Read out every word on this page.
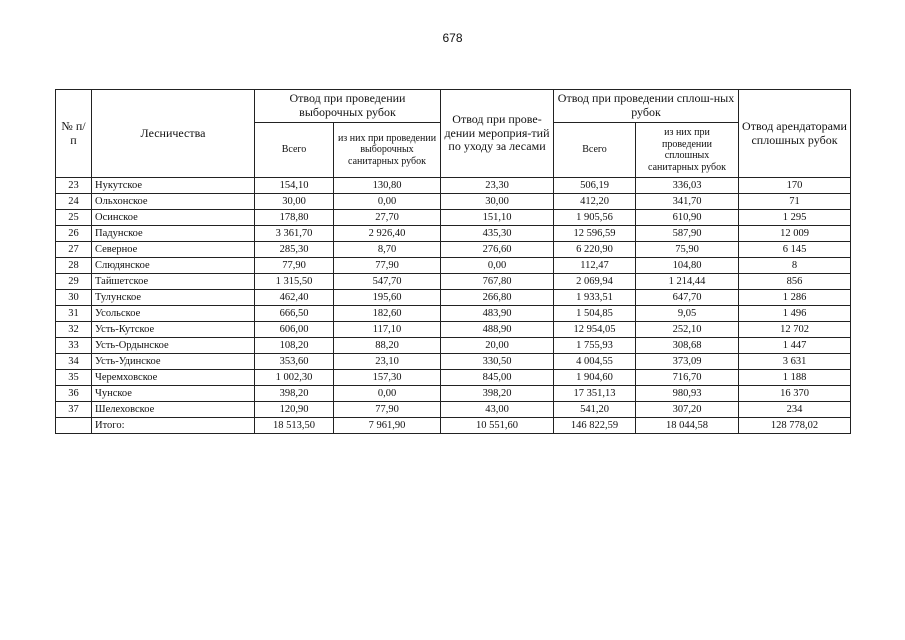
678
№ п/п	Лесничества	Отвод при проведении выборочных рубок		Отвод при прове-дении мероприя-тий по уходу за лесами	Отвод при проведении сплош-ных рубок		Отвод арендаторами сплошных рубок
		Всего	из них при проведении выборочных санитарных рубок		Всего	из них при проведении сплошных санитарных рубок	
23	Нукутское	154,10	130,80	23,30	506,19	336,03	170
24	Ольхонское	30,00	0,00	30,00	412,20	341,70	71
25	Осинское	178,80	27,70	151,10	1 905,56	610,90	1 295
26	Падунское	3 361,70	2 926,40	435,30	12 596,59	587,90	12 009
27	Северное	285,30	8,70	276,60	6 220,90	75,90	6 145
28	Слюдянское	77,90	77,90	0,00	112,47	104,80	8
29	Тайшетское	1 315,50	547,70	767,80	2 069,94	1 214,44	856
30	Тулунское	462,40	195,60	266,80	1 933,51	647,70	1 286
31	Усольское	666,50	182,60	483,90	1 504,85	9,05	1 496
32	Усть-Кутское	606,00	117,10	488,90	12 954,05	252,10	12 702
33	Усть-Ордынское	108,20	88,20	20,00	1 755,93	308,68	1 447
34	Усть-Удинское	353,60	23,10	330,50	4 004,55	373,09	3 631
35	Черемховское	1 002,30	157,30	845,00	1 904,60	716,70	1 188
36	Чунское	398,20	0,00	398,20	17 351,13	980,93	16 370
37	Шелеховское	120,90	77,90	43,00	541,20	307,20	234
	Итого:	18 513,50	7 961,90	10 551,60	146 822,59	18 044,58	128 778,02
